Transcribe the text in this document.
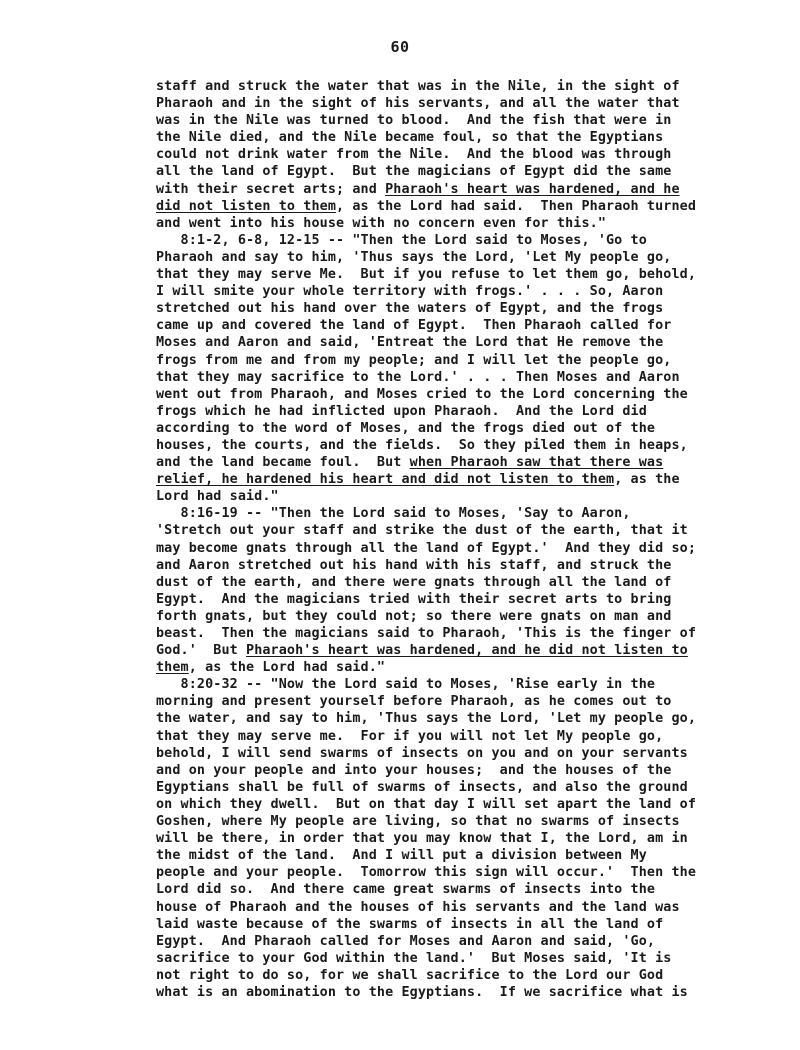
60
staff and struck the water that was in the Nile, in the sight of
Pharaoh and in the sight of his servants, and all the water that
was in the Nile was turned to blood.  And the fish that were in
the Nile died, and the Nile became foul, so that the Egyptians
could not drink water from the Nile.  And the blood was through
all the land of Egypt.  But the magicians of Egypt did the same
with their secret arts; and Pharaoh's heart was hardened, and he
did not listen to them, as the Lord had said.  Then Pharaoh turned
and went into his house with no concern even for this."
8:1-2, 6-8, 12-15 -- "Then the Lord said to Moses, 'Go to
Pharaoh and say to him, 'Thus says the Lord, 'Let My people go,
that they may serve Me.  But if you refuse to let them go, behold,
I will smite your whole territory with frogs.' . . . So, Aaron
stretched out his hand over the waters of Egypt, and the frogs
came up and covered the land of Egypt.  Then Pharaoh called for
Moses and Aaron and said, 'Entreat the Lord that He remove the
frogs from me and from my people; and I will let the people go,
that they may sacrifice to the Lord.' . . . Then Moses and Aaron
went out from Pharaoh, and Moses cried to the Lord concerning the
frogs which he had inflicted upon Pharaoh.  And the Lord did
according to the word of Moses, and the frogs died out of the
houses, the courts, and the fields.  So they piled them in heaps,
and the land became foul.  But when Pharaoh saw that there was
relief, he hardened his heart and did not listen to them, as the
Lord had said."
8:16-19 -- "Then the Lord said to Moses, 'Say to Aaron,
'Stretch out your staff and strike the dust of the earth, that it
may become gnats through all the land of Egypt.'  And they did so;
and Aaron stretched out his hand with his staff, and struck the
dust of the earth, and there were gnats through all the land of
Egypt.  And the magicians tried with their secret arts to bring
forth gnats, but they could not; so there were gnats on man and
beast.  Then the magicians said to Pharaoh, 'This is the finger of
God.'  But Pharaoh's heart was hardened, and he did not listen to
them, as the Lord had said."
8:20-32 -- "Now the Lord said to Moses, 'Rise early in the
morning and present yourself before Pharaoh, as he comes out to
the water, and say to him, 'Thus says the Lord, 'Let my people go,
that they may serve me.  For if you will not let My people go,
behold, I will send swarms of insects on you and on your servants
and on your people and into your houses;  and the houses of the
Egyptians shall be full of swarms of insects, and also the ground
on which they dwell.  But on that day I will set apart the land of
Goshen, where My people are living, so that no swarms of insects
will be there, in order that you may know that I, the Lord, am in
the midst of the land.  And I will put a division between My
people and your people.  Tomorrow this sign will occur.'  Then the
Lord did so.  And there came great swarms of insects into the
house of Pharaoh and the houses of his servants and the land was
laid waste because of the swarms of insects in all the land of
Egypt.  And Pharaoh called for Moses and Aaron and said, 'Go,
sacrifice to your God within the land.'  But Moses said, 'It is
not right to do so, for we shall sacrifice to the Lord our God
what is an abomination to the Egyptians.  If we sacrifice what is
